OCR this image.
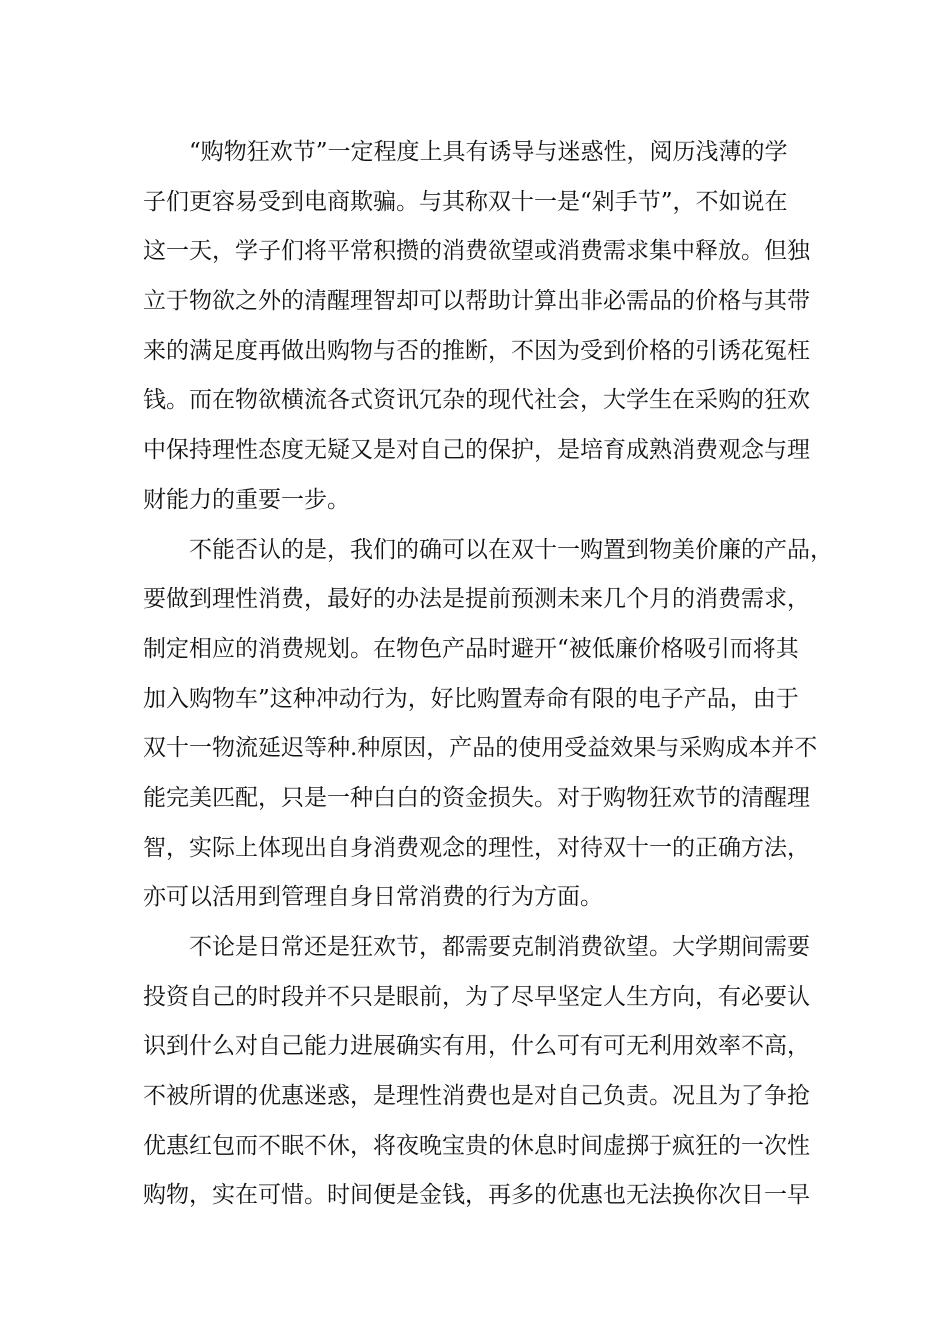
“购物狂欢节”一定程度上具有诱导与迷惑性，阅历浅薄的学
子们更容易受到电商欺骗。与其称双十一是“剁手节”，不如说在
这一天，学子们将平常积攒的消费欲望或消费需求集中释放。但独
立于物欲之外的清醒理智却可以帮助计算出非必需品的价格与其带
来的满足度再做出购物与否的推断，不因为受到价格的引诱花冤枉
钱。而在物欲横流各式资讯冗杂的现代社会，大学生在采购的狂欢
中保持理性态度无疑又是对自己的保护，是培育成熟消费观念与理
财能力的重要一步。

不能否认的是，我们的确可以在双十一购置到物美价廉的产品，
要做到理性消费，最好的办法是提前预测未来几个月的消费需求，
制定相应的消费规划。在物色产品时避开“被低廉价格吸引而将其
加入购物车”这种冲动行为，好比购置寿命有限的电子产品，由于
双十一物流延迟等种.种原因，产品的使用受益效果与采购成本并不
能完美匹配，只是一种白白的资金损失。对于购物狂欢节的清醒理
智，实际上体现出自身消费观念的理性，对待双十一的正确方法，
亦可以活用到管理自身日常消费的行为方面。

不论是日常还是狂欢节，都需要克制消费欲望。大学期间需要
投资自己的时段并不只是眼前，为了尽早坚定人生方向，有必要认
识到什么对自己能力进展确实有用，什么可有可无利用效率不高，
不被所谓的优惠迷惑，是理性消费也是对自己负责。况且为了争抢
优惠红包而不眠不休，将夜晚宝贵的休息时间虚掷于疯狂的一次性
购物，实在可惜。时间便是金钱，再多的优惠也无法换你次日一早
